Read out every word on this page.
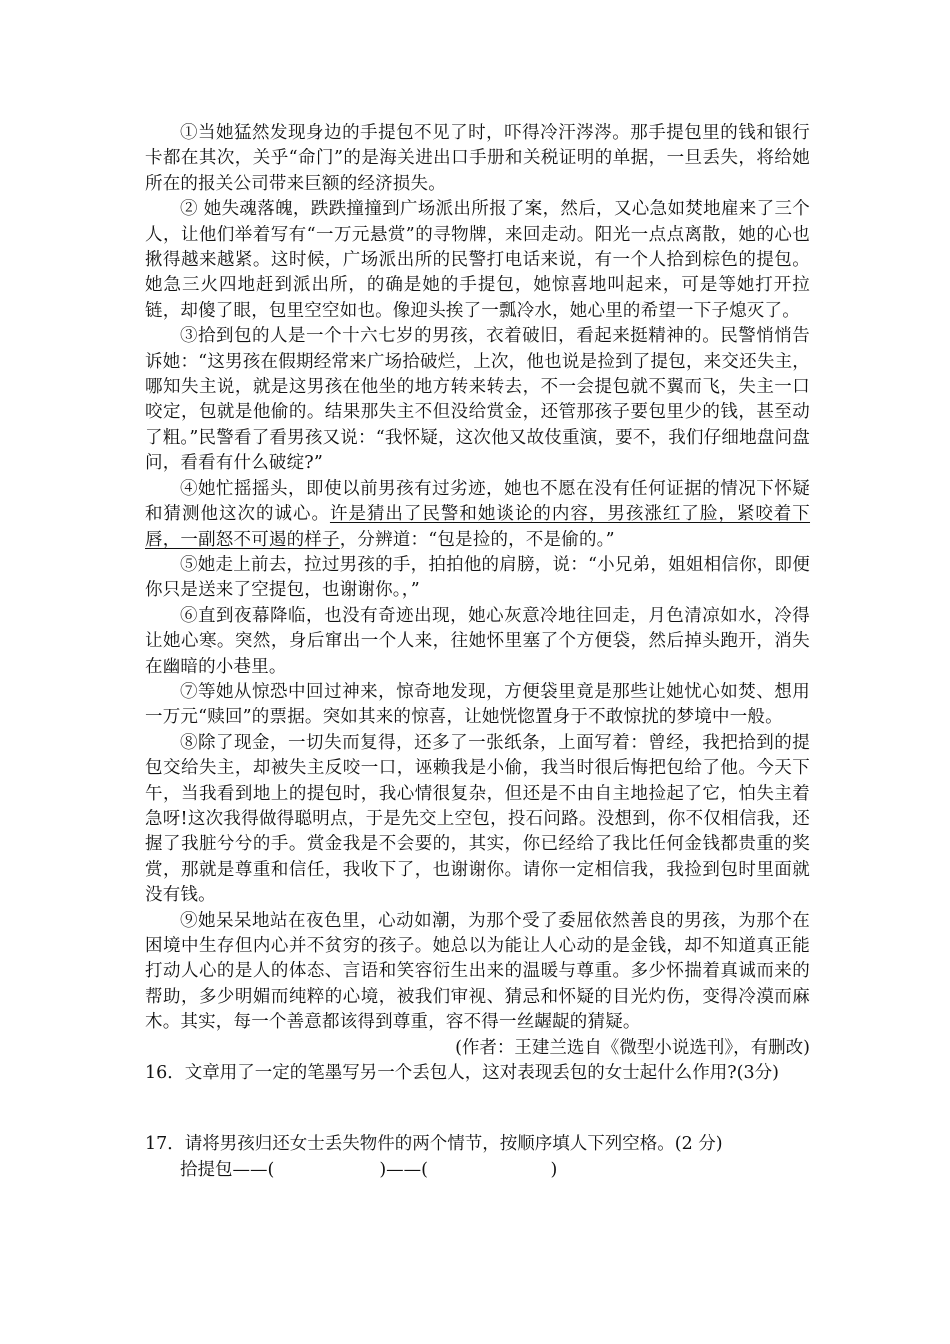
①当她猛然发现身边的手提包不见了时，吓得冷汗涔涔。那手提包里的钱和银行卡都在其次，关乎“命门”的是海关进出口手册和关税证明的单据，一旦丢失，将给她所在的报关公司带来巨额的经济损失。

② 她失魂落魄，跌跌撞撞到广场派出所报了案，然后，又心急如焚地雇来了三个人，让他们举着写有“一万元悬赏”的寻物牌，来回走动。阳光一点点离散，她的心也揪得越来越紧。这时候，广场派出所的民警打电话来说，有一个人拾到棕色的提包。她急三火四地赶到派出所，的确是她的手提包，她惊喜地叫起来，可是等她打开拉链，却傻了眼，包里空空如也。像迎头挨了一瓢冷水，她心里的希望一下子熄灭了。

③拾到包的人是一个十六七岁的男孩，衣着破旧，看起来挺精神的。民警悄悄告诉她：“这男孩在假期经常来广场拾破烂，上次，他也说是捡到了提包，来交还失主，哪知失主说，就是这男孩在他坐的地方转来转去，不一会提包就不翼而飞，失主一口咬定，包就是他偷的。结果那失主不但没给赏金，还管那孩子要包里少的钱，甚至动了粗。”民警看了看男孩又说：“我怀疑，这次他又故伎重演，要不，我们仔细地盘问盘问，看看有什么破绽?”

④她忙摇摇头，即使以前男孩有过劣迹，她也不愿在没有任何证据的情况下怀疑和猜测他这次的诚心。许是猜出了民警和她谈论的内容，男孩涨红了脸，紧咬着下唇，一副怒不可遏的样子，分辨道：“包是捡的，不是偷的。”

⑤她走上前去，拉过男孩的手，拍拍他的肩膀，说：“小兄弟，姐姐相信你，即便你只是送来了空提包，也谢谢你。，”

⑥直到夜幕降临，也没有奇迹出现，她心灰意冷地往回走，月色清凉如水，冷得让她心寒。突然，身后窜出一个人来，往她怀里塞了个方便袋，然后掉头跑开，消失在幽暗的小巷里。

⑦等她从惊恐中回过神来，惊奇地发现，方便袋里竟是那些让她忧心如焚、想用一万元“赎回”的票据。突如其来的惊喜，让她恍惚置身于不敢惊扰的梦境中一般。

⑧除了现金，一切失而复得，还多了一张纸条，上面写着：曾经，我把拾到的提包交给失主，却被失主反咬一口，诬赖我是小偷，我当时很后悔把包给了他。今天下午，当我看到地上的提包时，我心情很复杂，但还是不由自主地捡起了它，怕失主着急呀!这次我得做得聪明点，于是先交上空包，投石问路。没想到，你不仅相信我，还握了我脏兮兮的手。赏金我是不会要的，其实，你已经给了我比任何金钱都贵重的奖赏，那就是尊重和信任，我收下了，也谢谢你。请你一定相信我，我捡到包时里面就没有钱。

⑨她呆呆地站在夜色里，心动如潮，为那个受了委屈依然善良的男孩，为那个在困境中生存但内心并不贫穷的孩子。她总以为能让人心动的是金钱，却不知道真正能打动人心的是人的体态、言语和笑容衍生出来的温暖与尊重。多少怀揣着真诚而来的帮助，多少明媚而纯粹的心境，被我们审视、猜忌和怀疑的目光灼伤，变得冷漠而麻木。其实，每一个善意都该得到尊重，容不得一丝龌龊的猜疑。

(作者：王建兰选自《微型小说选刊》，有删改)

16．文章用了一定的笔墨写另一个丢包人，这对表现丢包的女士起什么作用?(3分)

17．请将男孩归还女士丢失物件的两个情节，按顺序填人下列空格。(2 分)

拾提包——(　　　　　　)——(　　　　　　　)
